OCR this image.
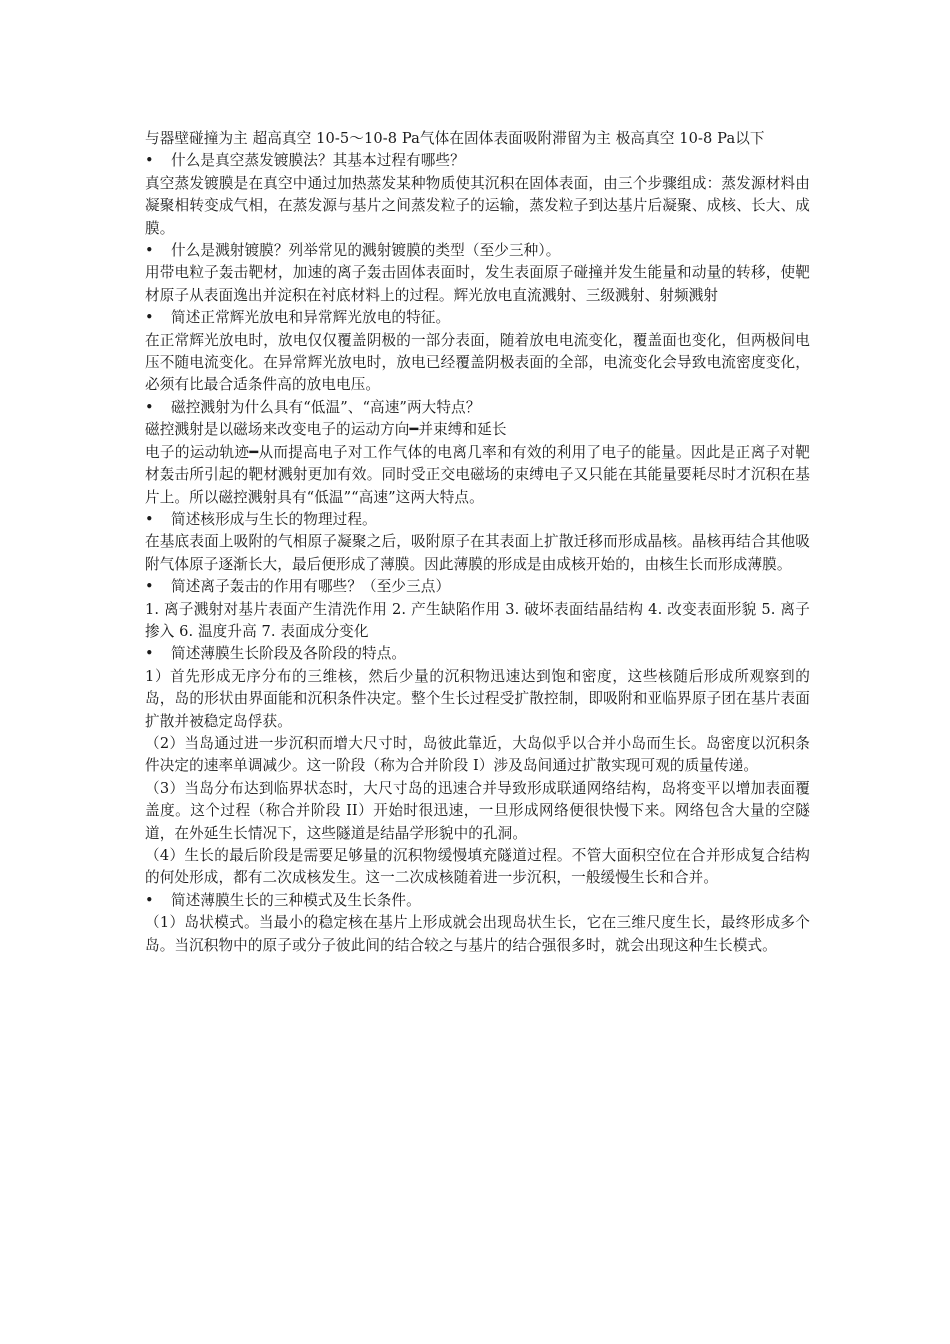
与器壁碰撞为主 超高真空 10-5～10-8 Pa气体在固体表面吸附滞留为主 极高真空 10-8 Pa以下

• 什么是真空蒸发镀膜法？其基本过程有哪些？

真空蒸发镀膜是在真空中通过加热蒸发某种物质使其沉积在固体表面，由三个步骤组成：蒸发源材料由凝聚相转变成气相，在蒸发源与基片之间蒸发粒子的运输，蒸发粒子到达基片后凝聚、成核、长大、成膜。

• 什么是溅射镀膜？列举常见的溅射镀膜的类型（至少三种）。

用带电粒子轰击靶材，加速的离子轰击固体表面时，发生表面原子碰撞并发生能量和动量的转移，使靶材原子从表面逸出并淀积在衬底材料上的过程。辉光放电直流溅射、三级溅射、射频溅射

• 简述正常辉光放电和异常辉光放电的特征。

在正常辉光放电时，放电仅仅覆盖阴极的一部分表面，随着放电电流变化，覆盖面也变化，但两极间电压不随电流变化。在异常辉光放电时，放电已经覆盖阴极表面的全部，电流变化会导致电流密度变化，必须有比最合适条件高的放电电压。

• 磁控溅射为什么具有“低温”、“高速”两大特点？

磁控溅射是以磁场来改变电子的运动方向━并束缚和延长

电子的运动轨迹━从而提高电子对工作气体的电离几率和有效的利用了电子的能量。因此是正离子对靶材轰击所引起的靶材溅射更加有效。同时受正交电磁场的束缚电子又只能在其能量要耗尽时才沉积在基片上。所以磁控溅射具有“低温”“高速”这两大特点。

• 简述核形成与生长的物理过程。

在基底表面上吸附的气相原子凝聚之后，吸附原子在其表面上扩散迁移而形成晶核。晶核再结合其他吸附气体原子逐渐长大，最后便形成了薄膜。因此薄膜的形成是由成核开始的，由核生长而形成薄膜。

• 简述离子轰击的作用有哪些？（至少三点）

1. 离子溅射对基片表面产生清洗作用 2. 产生缺陷作用 3. 破坏表面结晶结构 4. 改变表面形貌 5. 离子掺入 6. 温度升高 7. 表面成分变化

• 简述薄膜生长阶段及各阶段的特点。

1）首先形成无序分布的三维核，然后少量的沉积物迅速达到饱和密度，这些核随后形成所观察到的岛，岛的形状由界面能和沉积条件决定。整个生长过程受扩散控制，即吸附和亚临界原子团在基片表面扩散并被稳定岛俘获。

（2）当岛通过进一步沉积而增大尺寸时，岛彼此靠近，大岛似乎以合并小岛而生长。岛密度以沉积条件决定的速率单调减少。这一阶段（称为合并阶段 I）涉及岛间通过扩散实现可观的质量传递。

（3）当岛分布达到临界状态时，大尺寸岛的迅速合并导致形成联通网络结构，岛将变平以增加表面覆盖度。这个过程（称合并阶段 II）开始时很迅速，一旦形成网络便很快慢下来。网络包含大量的空隧道，在外延生长情况下，这些隧道是结晶学形貌中的孔洞。

（4）生长的最后阶段是需要足够量的沉积物缓慢填充隧道过程。不管大面积空位在合并形成复合结构的何处形成，都有二次成核发生。这一二次成核随着进一步沉积，一般缓慢生长和合并。

• 简述薄膜生长的三种模式及生长条件。

（1）岛状模式。当最小的稳定核在基片上形成就会出现岛状生长，它在三维尺度生长，最终形成多个岛。当沉积物中的原子或分子彼此间的结合较之与基片的结合强很多时，就会出现这种生长模式。
